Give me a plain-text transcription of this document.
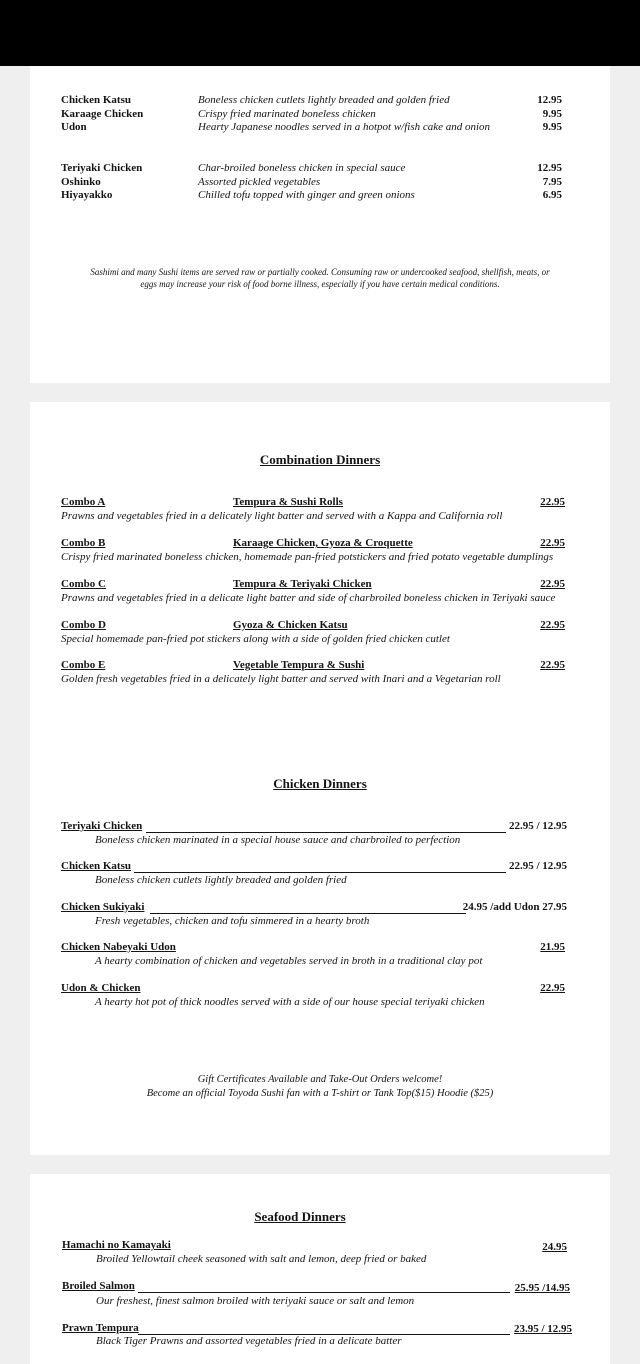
Chicken Katsu	Boneless chicken cutlets lightly breaded and golden fried	12.95
Karaage Chicken	Crispy fried marinated boneless chicken	9.95
Udon	Hearty Japanese noodles served in a hotpot w/fish cake and onion	9.95
Teriyaki Chicken	Char-broiled boneless chicken in special sauce	12.95
Oshinko	Assorted pickled vegetables	7.95
Hiyayakko	Chilled tofu topped with ginger and green onions	6.95
Sashimi and many Sushi items are served raw or partially cooked. Consuming raw or undercooked seafood, shellfish, meats, or
eggs may increase your risk of food borne illness, especially if you have certain medical conditions.
Combination Dinners
Combo A	Tempura & Sushi Rolls	22.95
Prawns and vegetables fried in a delicately light batter and served with a Kappa and California roll
Combo B	Karaage Chicken, Gyoza & Croquette	22.95
Crispy fried marinated boneless chicken, homemade pan-fried potstickers and fried potato vegetable dumplings
Combo C	Tempura & Teriyaki Chicken	22.95
Prawns and vegetables fried in a delicate light batter and side of charbroiled boneless chicken in Teriyaki sauce
Combo D	Gyoza & Chicken Katsu	22.95
Special homemade pan-fried pot stickers along with a side of golden fried chicken cutlet
Combo E	Vegetable Tempura & Sushi	22.95
Golden fresh vegetables fried in a delicately light batter and served with Inari and a Vegetarian roll
Chicken Dinners
Teriyaki Chicken	22.95 / 12.95
Boneless chicken marinated in a special house sauce and charbroiled to perfection
Chicken Katsu	22.95 / 12.95
Boneless chicken cutlets lightly breaded and golden fried
Chicken Sukiyaki	24.95 /add Udon 27.95
Fresh vegetables, chicken and tofu simmered in a hearty broth
Chicken Nabeyaki Udon	21.95
A hearty combination of chicken and vegetables served in broth in a traditional clay pot
Udon & Chicken	22.95
A hearty hot pot of thick noodles served with a side of our house special teriyaki chicken
Gift Certificates Available and Take-Out Orders welcome!
Become an official Toyoda Sushi fan with a T-shirt or Tank Top($15) Hoodie ($25)
Seafood Dinners
Hamachi no Kamayaki	24.95
Broiled Yellowtail cheek seasoned with salt and lemon, deep fried or baked
Broiled Salmon	25.95 /14.95
Our freshest, finest salmon broiled with teriyaki sauce or salt and lemon
Prawn Tempura	23.95 / 12.95
Black Tiger Prawns and assorted vegetables fried in a delicate batter
